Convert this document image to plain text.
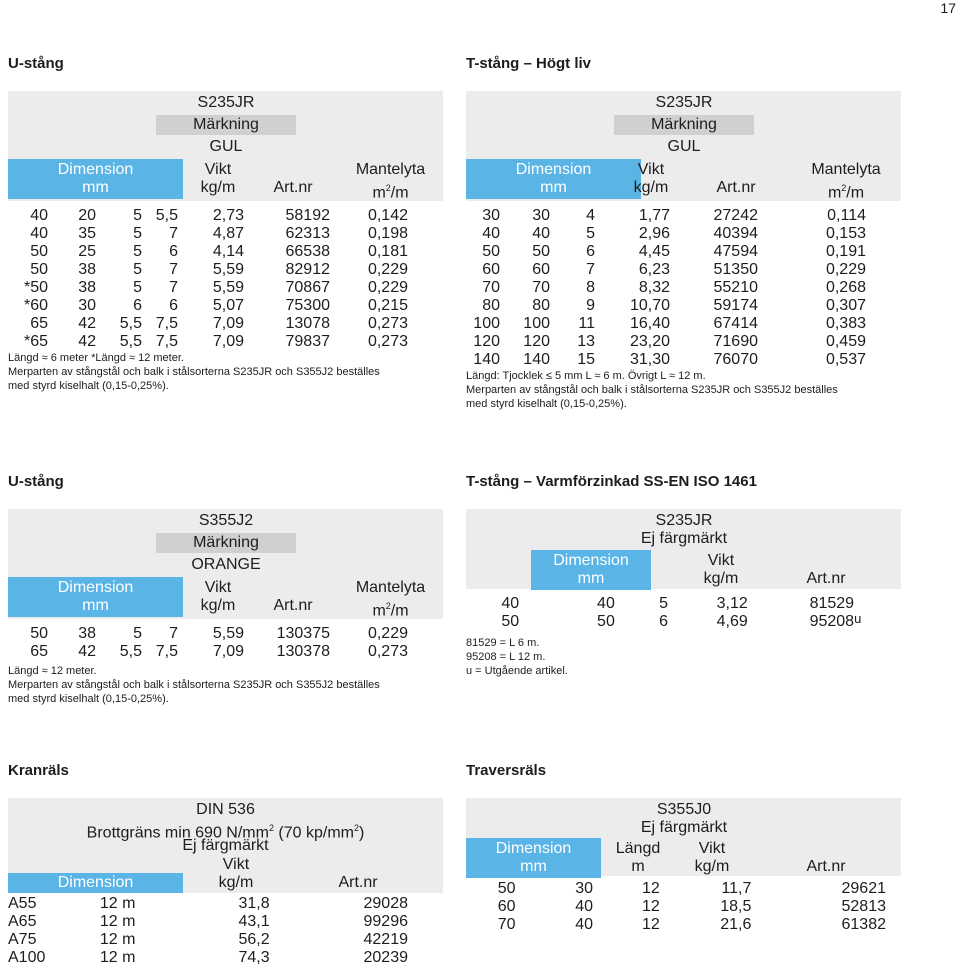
17
U-stång
S235JR
Märkning
GUL
Dimension
mm
Vikt
kg/m	Art.nr
Mantelyta
$m^2/m$
40	20	5	5,5	2,73	58192	0,142
40	35	5	7	4,87	62313	0,198
50	25	5	6	4,14	66538	0,181
50	38	5	7	5,59	82912	0,229
*50	38	5	7	5,59	70867	0,229
*60	30	6	6	5,07	75300	0,215
65	42	5,5	7,5	7,09	13078	0,273
*65	42	5,5	7,5	7,09	79837	0,273
Längd ≈ 6 meter *Längd ≈ 12 meter.
Merparten av stångstål och balk i stålsorterna S235JR och S355J2 beställes
med styrd kiselhalt (0,15-0,25%).
T-stång – Högt liv
S235JR
Märkning
GUL
Dimension
mm
Vikt
kg/m	Art.nr
Mantelyta
$m^2/m$
30	30	4	1,77	27242	0,114
40	40	5	2,96	40394	0,153
50	50	6	4,45	47594	0,191
60	60	7	6,23	51350	0,229
70	70	8	8,32	55210	0,268
80	80	9	10,70	59174	0,307
100	100	11	16,40	67414	0,383
120	120	13	23,20	71690	0,459
140	140	15	31,30	76070	0,537
Längd: Tjocklek ≤ 5 mm L ≈ 6 m. Övrigt L ≈ 12 m.
Merparten av stångstål och balk i stålsorterna S235JR och S355J2 beställes
med styrd kiselhalt (0,15-0,25%).
U-stång
S355J2
Märkning
ORANGE
Dimension
mm
Vikt
kg/m	Art.nr
Mantelyta
$m^2/m$
50	38	5	7	5,59	130375	0,229
65	42	5,5	7,5	7,09	130378	0,273
Längd ≈ 12 meter.
Merparten av stångstål och balk i stålsorterna S235JR och S355J2 beställes
med styrd kiselhalt (0,15-0,25%).
T-stång – Varmförzinkad SS-EN ISO 1461
S235JR
Ej färgmärkt
Dimension
mm
Vikt
kg/m	Art.nr
40	40	5	3,12	81529	
50	50	6	4,69	95208	u
81529 = L 6 m.
95208 = L 12 m.
u = Utgående artikel.
Kranräls
DIN 536
Brottgräns min 690 $N/mm^2$ (70 $kp/mm^2$)
Ej färgmärkt
Dimension
Vikt
kg/m	Art.nr
A55	12 m	31,8	29028
A65	12 m	43,1	99296
A75	12 m	56,2	42219
A100	12 m	74,3	20239
Traversräls
S355J0
Ej färgmärkt
Dimension
mm
Längd
m
Vikt
kg/m	Art.nr
50	30	12	11,7	29621
60	40	12	18,5	52813
70	40	12	21,6	61382
